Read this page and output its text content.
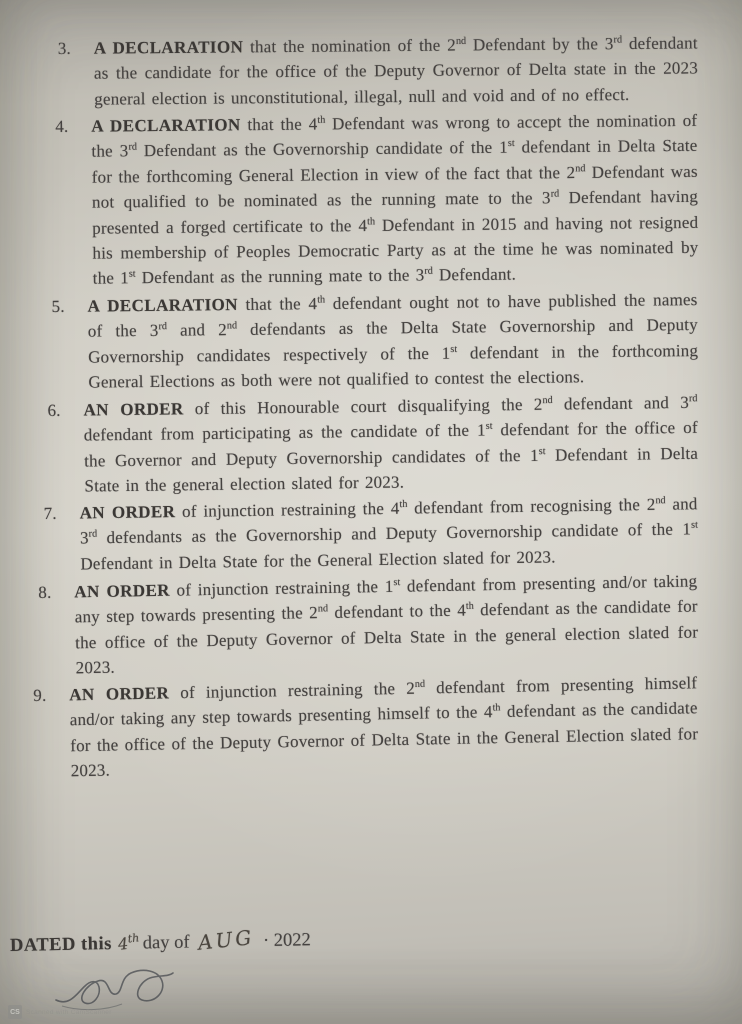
3. A DECLARATION that the nomination of the 2nd Defendant by the 3rd defendant as the candidate for the office of the Deputy Governor of Delta state in the 2023 general election is unconstitutional, illegal, null and void and of no effect.
4. A DECLARATION that the 4th Defendant was wrong to accept the nomination of the 3rd Defendant as the Governorship candidate of the 1st defendant in Delta State for the forthcoming General Election in view of the fact that the 2nd Defendant was not qualified to be nominated as the running mate to the 3rd Defendant having presented a forged certificate to the 4th Defendant in 2015 and having not resigned his membership of Peoples Democratic Party as at the time he was nominated by the 1st Defendant as the running mate to the 3rd Defendant.
5. A DECLARATION that the 4th defendant ought not to have published the names of the 3rd and 2nd defendants as the Delta State Governorship and Deputy Governorship candidates respectively of the 1st defendant in the forthcoming General Elections as both were not qualified to contest the elections.
6. AN ORDER of this Honourable court disqualifying the 2nd defendant and 3rd defendant from participating as the candidate of the 1st defendant for the office of the Governor and Deputy Governorship candidates of the 1st Defendant in Delta State in the general election slated for 2023.
7. AN ORDER of injunction restraining the 4th defendant from recognising the 2nd and 3rd defendants as the Governorship and Deputy Governorship candidate of the 1st Defendant in Delta State for the General Election slated for 2023.
8. AN ORDER of injunction restraining the 1st defendant from presenting and/or taking any step towards presenting the 2nd defendant to the 4th defendant as the candidate for the office of the Deputy Governor of Delta State in the general election slated for 2023.
9. AN ORDER of injunction restraining the 2nd defendant from presenting himself and/or taking any step towards presenting himself to the 4th defendant as the candidate for the office of the Deputy Governor of Delta State in the General Election slated for 2023.
DATED this 4th day of AUG · 2022
CS Scanned with CamScanner
